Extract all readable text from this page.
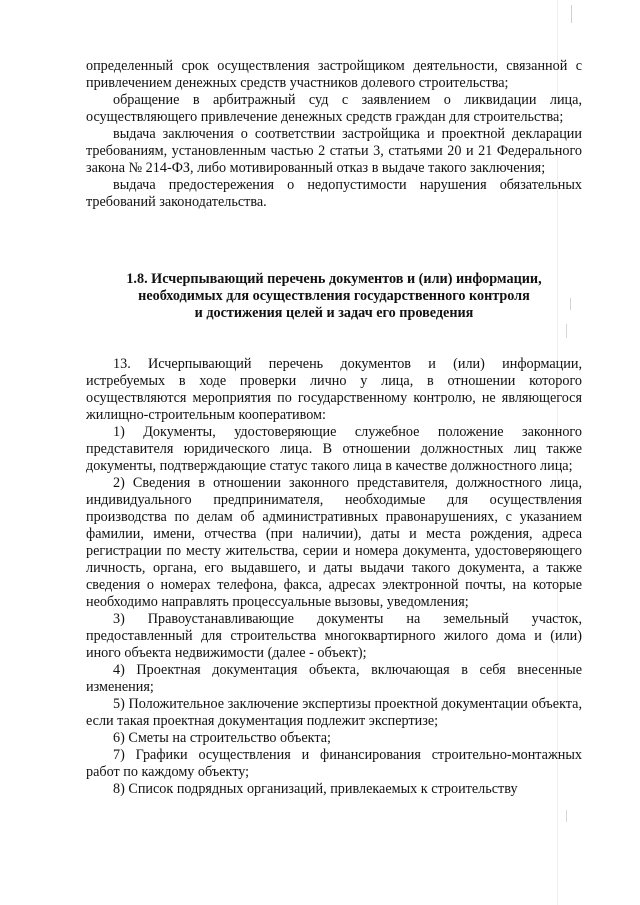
определенный срок осуществления застройщиком деятельности, связанной с привлечением денежных средств участников долевого строительства;

обращение в арбитражный суд с заявлением о ликвидации лица, осуществляющего привлечение денежных средств граждан для строительства;

выдача заключения о соответствии застройщика и проектной декларации требованиям, установленным частью 2 статьи 3, статьями 20 и 21 Федерального закона № 214-ФЗ, либо мотивированный отказ в выдаче такого заключения;

выдача предостережения о недопустимости нарушения обязательных требований законодательства.

1.8. Исчерпывающий перечень документов и (или) информации,
необходимых для осуществления государственного контроля
и достижения целей и задач его проведения

13. Исчерпывающий перечень документов и (или) информации, истребуемых в ходе проверки лично у лица, в отношении которого осуществляются мероприятия по государственному контролю, не являющегося жилищно-строительным кооперативом:

1) Документы, удостоверяющие служебное положение законного представителя юридического лица. В отношении должностных лиц также документы, подтверждающие статус такого лица в качестве должностного лица;

2) Сведения в отношении законного представителя, должностного лица, индивидуального предпринимателя, необходимые для осуществления производства по делам об административных правонарушениях, с указанием фамилии, имени, отчества (при наличии), даты и места рождения, адреса регистрации по месту жительства, серии и номера документа, удостоверяющего личность, органа, его выдавшего, и даты выдачи такого документа, а также сведения о номерах телефона, факса, адресах электронной почты, на которые необходимо направлять процессуальные вызовы, уведомления;

3) Правоустанавливающие документы на земельный участок, предоставленный для строительства многоквартирного жилого дома и (или) иного объекта недвижимости (далее - объект);

4) Проектная документация объекта, включающая в себя внесенные изменения;

5) Положительное заключение экспертизы проектной документации объекта, если такая проектная документация подлежит экспертизе;

6) Сметы на строительство объекта;

7) Графики осуществления и финансирования строительно-монтажных работ по каждому объекту;

8) Список подрядных организаций, привлекаемых к строительству
